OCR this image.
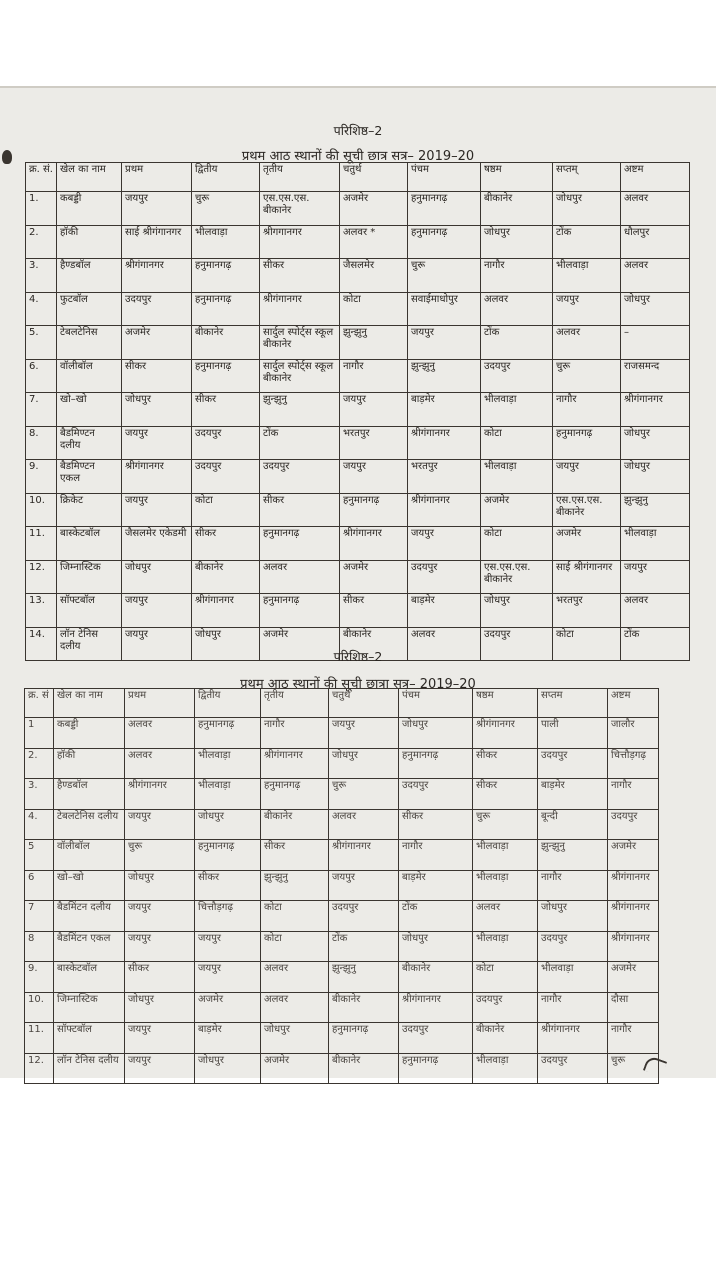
परिशिष्ठ–2
प्रथम आठ स्थानों की सूची छात्र सत्र– 2019–20
क्र. सं.	खेल का नाम	प्रथम	द्वितीय	तृतीय	चतुर्थ	पंचम	षष्ठम	सप्तम्	अष्टम
1.	कबड्डी	जयपुर	चुरू	एस.एस.एस. बीकानेर	अजमेर	हनुमानगढ़	बीकानेर	जोधपुर	अलवर
2.	हॉकी	साई श्रीगंगानगर	भीलवाड़ा	श्रीगगानगर	अलवर *	हनुमानगढ़	जोधपुर	टोंक	धौलपुर
3.	हैण्डबॉल	श्रीगंगानगर	हनुमानगढ़	सीकर	जैसलमेर	चुरू	नागौर	भीलवाड़ा	अलवर
4.	फुटबॉल	उदयपुर	हनुमानगढ़	श्रीगंगानगर	कोटा	सवाईमाधोपुर	अलवर	जयपुर	जोधपुर
5.	टेबलटेनिस	अजमेर	बीकानेर	सार्दुल स्पोर्ट्स स्कूल बीकानेर	झुन्झुनु	जयपुर	टोंक	अलवर	–
6.	वॉलीबॉल	सीकर	हनुमानगढ़	सार्दुल स्पोर्ट्स स्कूल बीकानेर	नागौर	झुन्झुनु	उदयपुर	चुरू	राजसमन्द
7.	खो–खो	जोधपुर	सीकर	झुन्झुनु	जयपुर	बाड़मेर	भीलवाड़ा	नागौर	श्रीगंगानगर
8.	बैडमिण्टन दलीय	जयपुर	उदयपुर	टोंक	भरतपुर	श्रीगंगानगर	कोटा	हनुमानगढ़	जोधपुर
9.	बैडमिण्टन एकल	श्रीगंगानगर	उदयपुर	उदयपुर	जयपुर	भरतपुर	भीलवाड़ा	जयपुर	जोधपुर
10.	क्रिकेट	जयपुर	कोटा	सीकर	हनुमानगढ़	श्रीगंगानगर	अजमेर	एस.एस.एस. बीकानेर	झुन्झुनु
11.	बास्केटबॉल	जैसलमेर एकेडमी	सीकर	हनुमानगढ़	श्रीगंगानगर	जयपुर	कोटा	अजमेर	भीलवाड़ा
12.	जिम्नास्टिक	जोधपुर	बीकानेर	अलवर	अजमेर	उदयपुर	एस.एस.एस. बीकानेर	साई श्रीगंगानगर	जयपुर
13.	सॉफ्टबॉल	जयपुर	श्रीगंगानगर	हनुमानगढ़	सीकर	बाड़मेर	जोधपुर	भरतपुर	अलवर
14.	लॉन टेनिस दलीय	जयपुर	जोधपुर	अजमेर	बीकानेर	अलवर	उदयपुर	कोटा	टोंक
परिशिष्ठ–2
प्रथम आठ स्थानों की सूची छात्रा सत्र– 2019–20
क्र. सं	खेल का नाम	प्रथम	द्वितीय	तृतीय	चतुर्थ	पंचम	षष्ठम	सप्तम	अष्टम
1	कबड्डी	अलवर	हनुमानगढ़	नागौर	जयपुर	जोधपुर	श्रीगंगानगर	पाली	जालौर
2.	हॉकी	अलवर	भीलवाड़ा	श्रीगंगानगर	जोधपुर	हनुमानगढ़	सीकर	उदयपुर	चित्तौड़गढ़
3.	हैण्डबॉल	श्रीगंगानगर	भीलवाड़ा	हनुमानगढ़	चुरू	उदयपुर	सीकर	बाड़मेर	नागौर
4.	टेबलटेनिस दलीय	जयपुर	जोधपुर	बीकानेर	अलवर	सीकर	चुरू	बून्दी	उदयपुर
5	वॉलीबॉल	चुरू	हनुमानगढ़	सीकर	श्रीगंगानगर	नागौर	भीलवाड़ा	झुन्झुनु	अजमेर
6	खो–खो	जोधपुर	सीकर	झुन्झुनु	जयपुर	बाड़मेर	भीलवाड़ा	नागौर	श्रीगंगानगर
7	बैडमिंटन दलीय	जयपुर	चित्तौड़गढ़	कोटा	उदयपुर	टोंक	अलवर	जोधपुर	श्रीगंगानगर
8	बैडमिंटन एकल	जयपुर	जयपुर	कोटा	टोंक	जोधपुर	भीलवाड़ा	उदयपुर	श्रीगंगानगर
9.	बास्केटबॉल	सीकर	जयपुर	अलवर	झुन्झुनु	बीकानेर	कोटा	भीलवाड़ा	अजमेर
10.	जिम्नास्टिक	जोधपुर	अजमेर	अलवर	बीकानेर	श्रीगंगानगर	उदयपुर	नागौर	दौसा
11.	सॉफ्टबॉल	जयपुर	बाड़मेर	जोधपुर	हनुमानगढ़	उदयपुर	बीकानेर	श्रीगंगानगर	नागौर
12.	लॉन टेनिस दलीय	जयपुर	जोधपुर	अजमेर	बीकानेर	हनुमानगढ़	भीलवाड़ा	उदयपुर	चुरू
